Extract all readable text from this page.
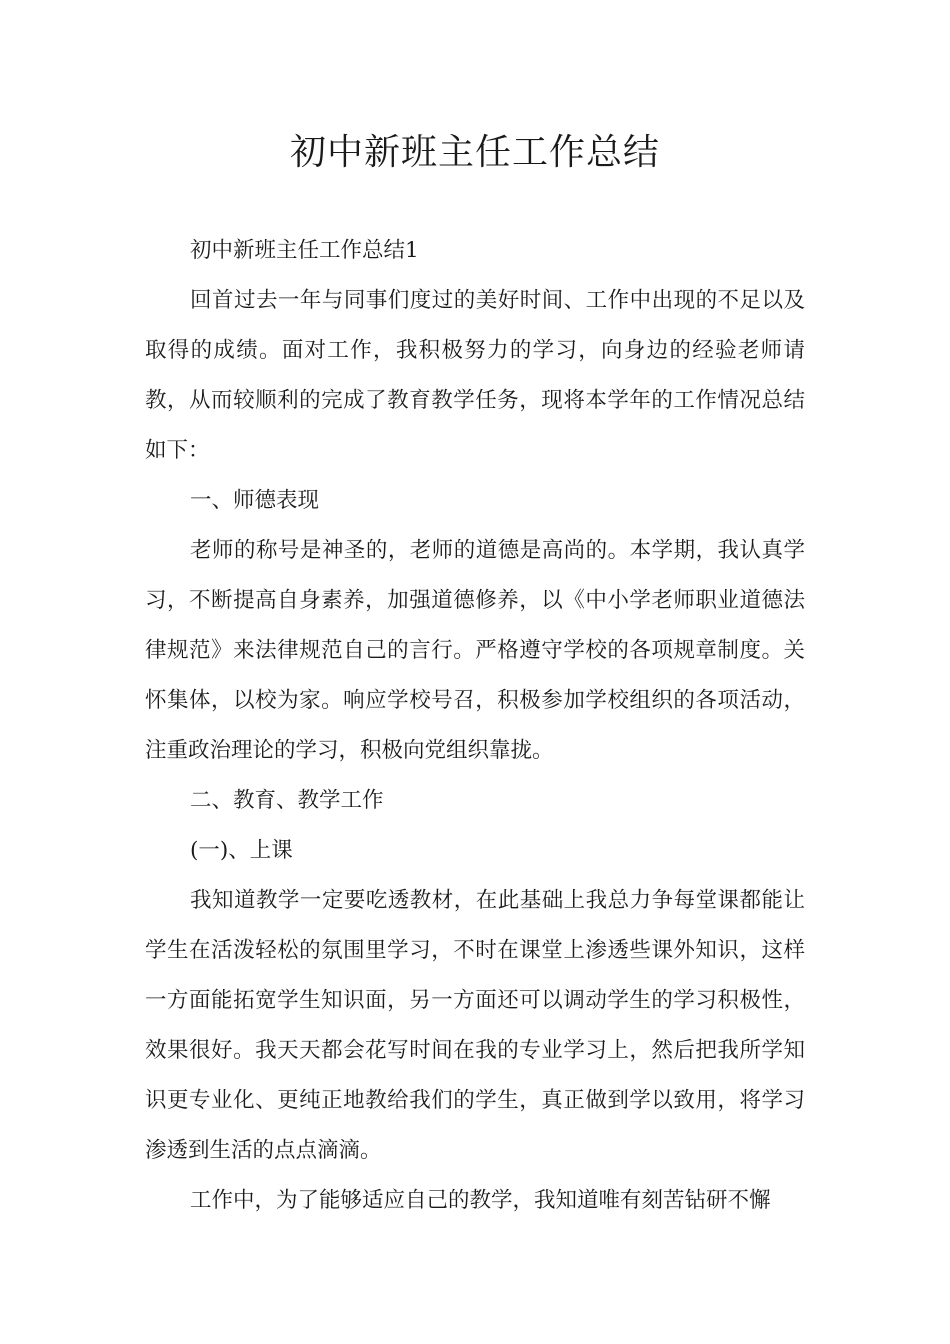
初中新班主任工作总结

初中新班主任工作总结1

回首过去一年与同事们度过的美好时间、工作中出现的不足以及取得的成绩。面对工作，我积极努力的学习，向身边的经验老师请教，从而较顺利的完成了教育教学任务，现将本学年的工作情况总结如下：

一、师德表现

老师的称号是神圣的，老师的道德是高尚的。本学期，我认真学习，不断提高自身素养，加强道德修养，以《中小学老师职业道德法律规范》来法律规范自己的言行。严格遵守学校的各项规章制度。关怀集体，以校为家。响应学校号召，积极参加学校组织的各项活动，注重政治理论的学习，积极向党组织靠拢。

二、教育、教学工作

(一)、上课

我知道教学一定要吃透教材，在此基础上我总力争每堂课都能让学生在活泼轻松的氛围里学习，不时在课堂上渗透些课外知识，这样一方面能拓宽学生知识面，另一方面还可以调动学生的学习积极性，效果很好。我天天都会花写时间在我的专业学习上，然后把我所学知识更专业化、更纯正地教给我们的学生，真正做到学以致用，将学习渗透到生活的点点滴滴。

工作中，为了能够适应自己的教学，我知道唯有刻苦钻研不懈
